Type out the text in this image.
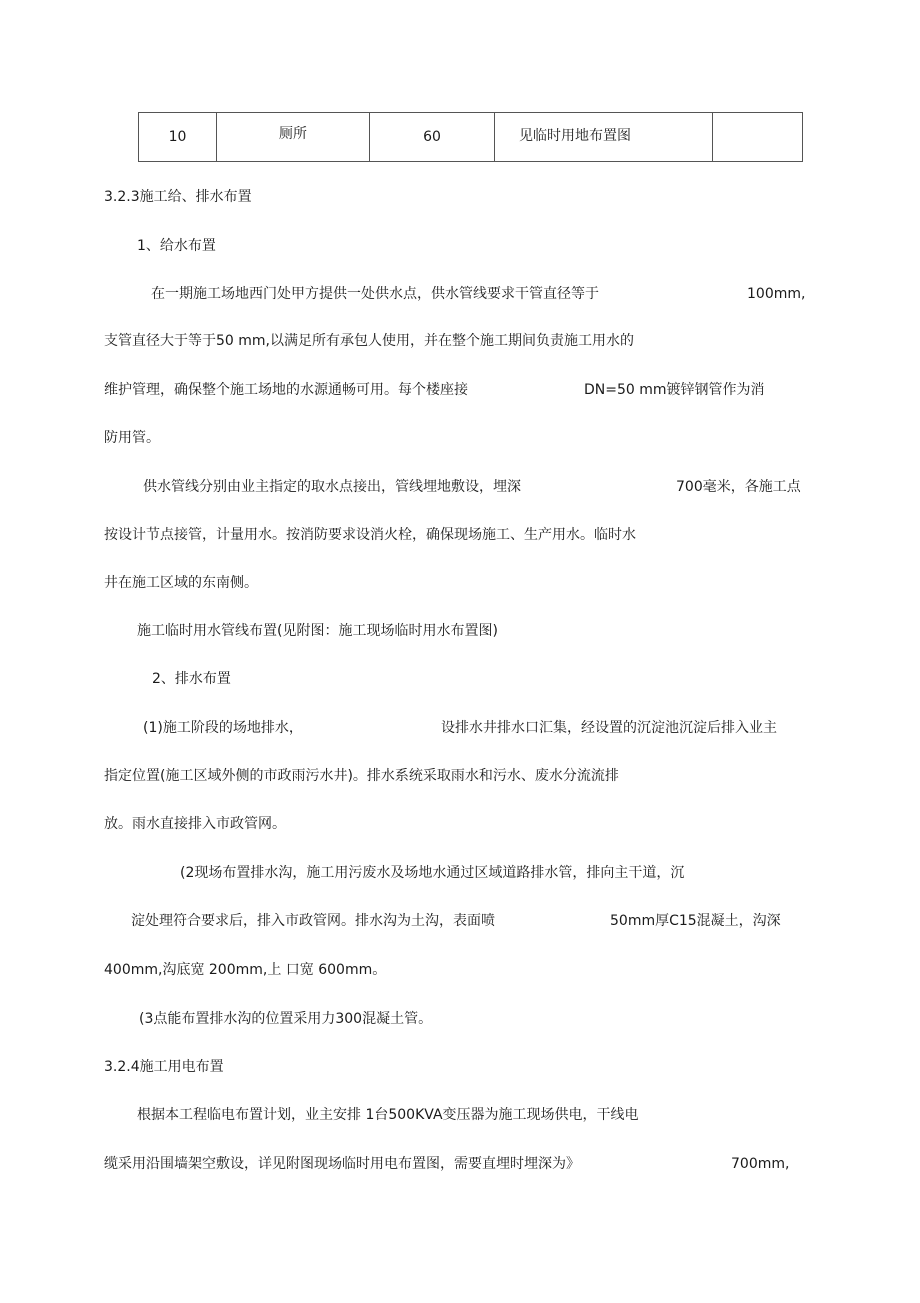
10	厕所	60	见临时用地布置图	

3.2.3施工给、排水布置

1、给水布置

在一期施工场地西门处甲方提供一处供水点，供水管线要求干管直径等于	100mm,

支管直径大于等于50 mm,以满足所有承包人使用，并在整个施工期间负责施工用水的

维护管理，确保整个施工场地的水源通畅可用。每个楼座接	DN=50 mm镀锌钢管作为消

防用管。

供水管线分别由业主指定的取水点接出，管线埋地敷设，埋深	700毫米，各施工点

按设计节点接管，计量用水。按消防要求设消火栓，确保现场施工、生产用水。临时水

井在施工区域的东南侧。

施工临时用水管线布置(见附图：施工现场临时用水布置图)

2、排水布置

(1)施工阶段的场地排水，	设排水井排水口汇集，经设置的沉淀池沉淀后排入业主

指定位置(施工区域外侧的市政雨污水井)。排水系统采取雨水和污水、废水分流流排

放。雨水直接排入市政管网。

(2现场布置排水沟，施工用污废水及场地水通过区域道路排水管，排向主干道，沉

淀处理符合要求后，排入市政管网。排水沟为土沟，表面喷	50mm厚C15混凝土，沟深

400mm,沟底宽 200mm,上 口宽 600mm。

(3点能布置排水沟的位置采用力300混凝土管。

3.2.4施工用电布置

根据本工程临电布置计划，业主安排 1台500KVA变压器为施工现场供电，干线电

缆采用沿围墙架空敷设，详见附图现场临时用电布置图，需要直埋时埋深为》	700mm,
